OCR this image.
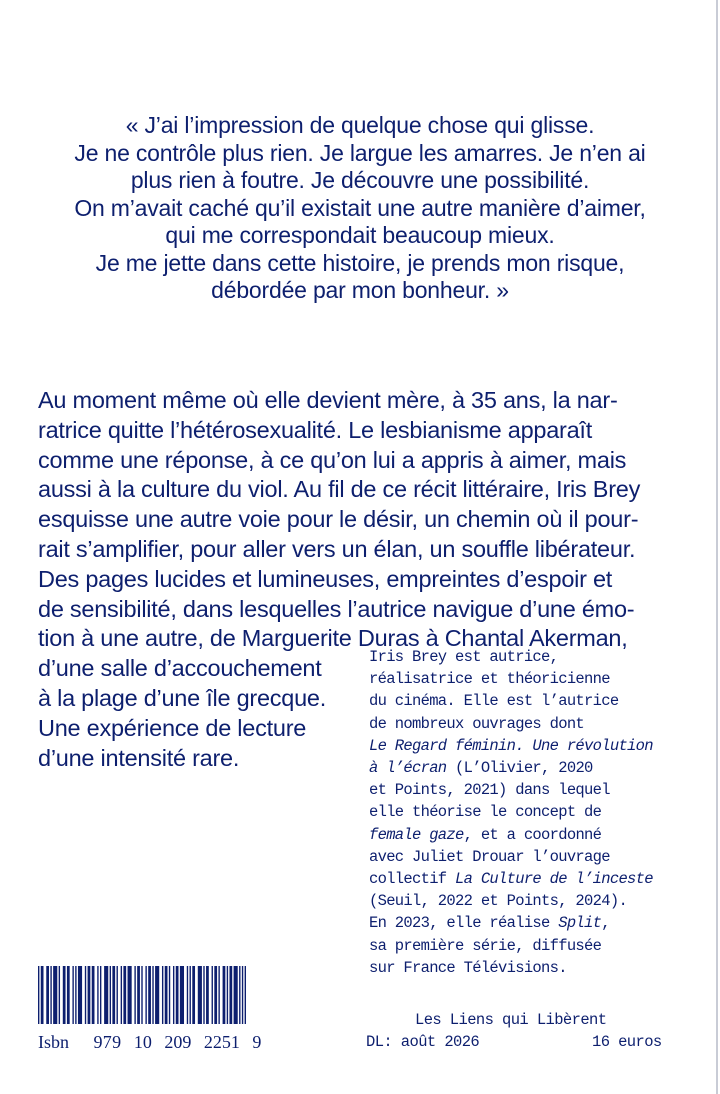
« J’ai l’impression de quelque chose qui glisse.
Je ne contrôle plus rien. Je largue les amarres. Je n’en ai
plus rien à foutre. Je découvre une possibilité.
On m’avait caché qu’il existait une autre manière d’aimer,
qui me correspondait beaucoup mieux.
Je me jette dans cette histoire, je prends mon risque,
débordée par mon bonheur. »
Au moment même où elle devient mère, à 35 ans, la nar-
ratrice quitte l’hétérosexualité. Le lesbianisme apparaît
comme une réponse, à ce qu’on lui a appris à aimer, mais
aussi à la culture du viol. Au fil de ce récit littéraire, Iris Brey
esquisse une autre voie pour le désir, un chemin où il pour-
rait s’amplifier, pour aller vers un élan, un souffle libérateur.
Des pages lucides et lumineuses, empreintes d’espoir et
de sensibilité, dans lesquelles l’autrice navigue d’une émo-
tion à une autre, de Marguerite Duras à Chantal Akerman,
d’une salle d’accouchement
à la plage d’une île grecque.
Une expérience de lecture
d’une intensité rare.
Iris Brey est autrice,
réalisatrice et théoricienne
du cinéma. Elle est l’autrice
de nombreux ouvrages dont
Le Regard féminin. Une révolution
à l’écran (L’Olivier, 2020
et Points, 2021) dans lequel
elle théorise le concept de
female gaze, et a coordonné
avec Juliet Drouar l’ouvrage
collectif La Culture de l’inceste
(Seuil, 2022 et Points, 2024).
En 2023, elle réalise Split,
sa première série, diffusée
sur France Télévisions.
Isbn 979 10 209 2251 9
Les Liens qui Libèrent
DL: août 2026	16 euros
